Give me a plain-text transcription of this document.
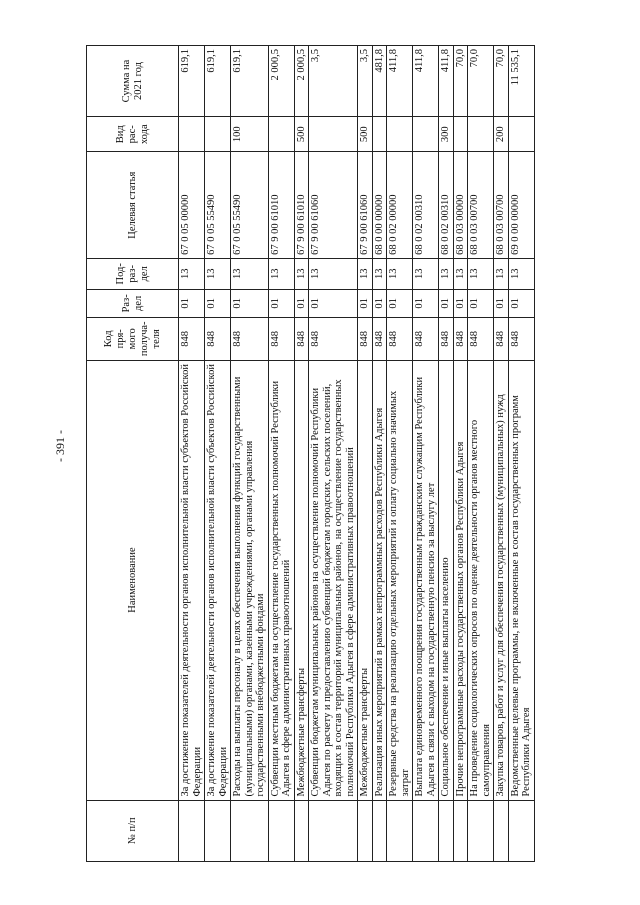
- 391 -
№ п/п	Наименование	Код пря-мого получа-теля	Раз-дел	Под-раз-дел	Целевая статья	Вид рас-хода	Сумма на 2021 год
	За достижение показателей деятельности органов исполнительной власти субъектов Российской Федерации	848	01	13	67 0 05 00000		619,1
	За достижение показателей деятельности органов исполнительной власти субъектов Российской Федерации	848	01	13	67 0 05 55490		619,1
	Расходы на выплаты персоналу в целях обеспечения выполнения функций государственными (муниципальными) органами, казенными учреждениями, органами управления государственными внебюджетными фондами	848	01	13	67 0 05 55490	100	619,1
	Субвенции местным бюджетам на осуществление государственных полномочий Республики Адыгея в сфере административных правоотношений	848	01	13	67 9 00 61010		2 000,5
	Межбюджетные трансферты	848	01	13	67 9 00 61010	500	2 000,5
	Субвенции бюджетам муниципальных районов на осуществление полномочий Республики Адыгея по расчету и предоставлению субвенций бюджетам городских, сельских поселений, входящих в состав территорий муниципальных районов, на осуществление государственных полномочий Республики Адыгея в сфере административных правоотношений	848	01	13	67 9 00 61060		3,5
	Межбюджетные трансферты	848	01	13	67 9 00 61060	500	3,5
	Реализация иных мероприятий в рамках непрограммных расходов Республики Адыгея	848	01	13	68 0 00 00000		481,8
	Резервные средства на реализацию отдельных мероприятий и оплату социально значимых затрат	848	01	13	68 0 02 00000		411,8
	Выплата единовременного поощрения государственным гражданским служащим Республики Адыгея в связи с выходом на государственную пенсию за выслугу лет	848	01	13	68 0 02 00310		411,8
	Социальное обеспечение и иные выплаты населению	848	01	13	68 0 02 00310	300	411,8
	Прочие непрограммные расходы государственных органов Республики Адыгея	848	01	13	68 0 03 00000		70,0
	На проведение социологических опросов по оценке деятельности органов местного самоуправления	848	01	13	68 0 03 00700		70,0
	Закупка товаров, работ и услуг для обеспечения государственных (муниципальных) нужд	848	01	13	68 0 03 00700	200	70,0
	Ведомственные целевые программы, не включенные в состав государственных программ Республики Адыгея	848	01	13	69 0 00 00000		11 535,1
